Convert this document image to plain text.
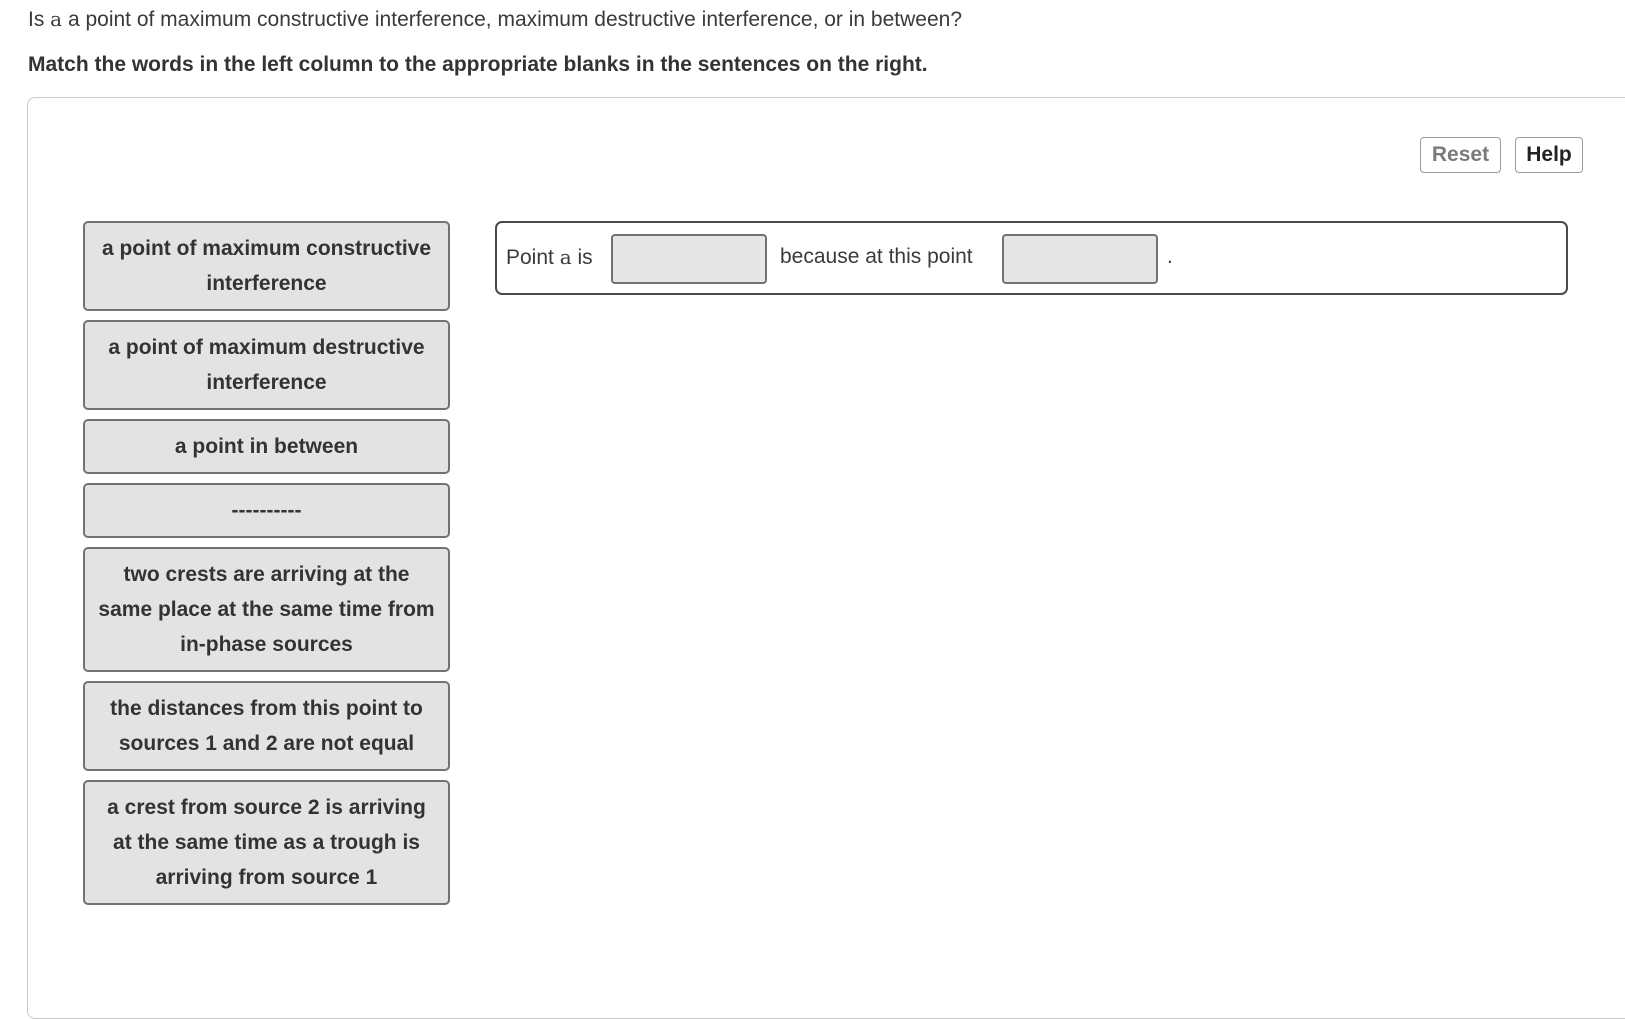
Is a a point of maximum constructive interference, maximum destructive interference, or in between?
Match the words in the left column to the appropriate blanks in the sentences on the right.
Reset	Help
a point of maximum constructive interference
a point of maximum destructive interference
a point in between
----------
two crests are arriving at the same place at the same time from in-phase sources
the distances from this point to sources 1 and 2 are not equal
a crest from source 2 is arriving at the same time as a trough is arriving from source 1
Point a is	because at this point	.
